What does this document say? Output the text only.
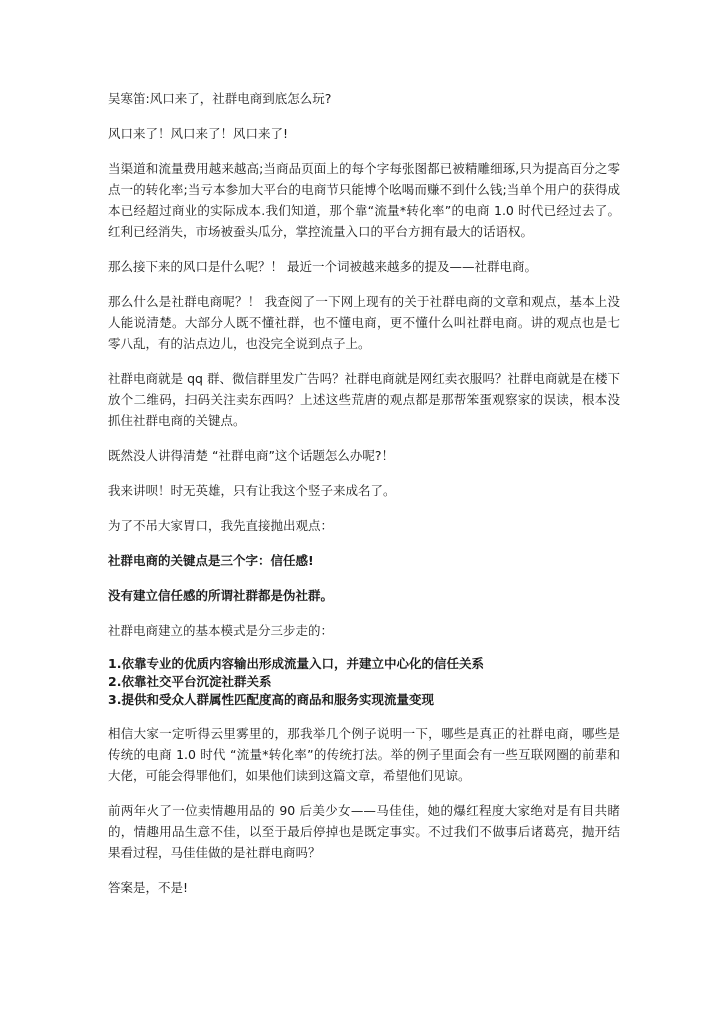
吴寒笛:风口来了，社群电商到底怎么玩?

风口来了！风口来了！风口来了!

当渠道和流量费用越来越高;当商品页面上的每个字每张图都已被精雕细琢,只为提高百分之零点一的转化率;当亏本参加大平台的电商节只能博个吆喝而赚不到什么钱;当单个用户的获得成本已经超过商业的实际成本.我们知道，那个靠“流量*转化率”的电商 1.0 时代已经过去了。红利已经消失，市场被蚕头瓜分，掌控流量入口的平台方拥有最大的话语权。

那么接下来的风口是什么呢？！ 最近一个词被越来越多的提及——社群电商。

那么什么是社群电商呢？！ 我查阅了一下网上现有的关于社群电商的文章和观点，基本上没人能说清楚。大部分人既不懂社群，也不懂电商，更不懂什么叫社群电商。讲的观点也是七零八乱，有的沾点边儿，也没完全说到点子上。

社群电商就是 qq 群、微信群里发广告吗？社群电商就是网红卖衣服吗？社群电商就是在楼下放个二维码，扫码关注卖东西吗？上述这些荒唐的观点都是那帮笨蛋观察家的误读，根本没抓住社群电商的关键点。

既然没人讲得清楚 “社群电商”这个话题怎么办呢?！

我来讲呗！时无英雄，只有让我这个竖子来成名了。

为了不吊大家胃口，我先直接抛出观点：

社群电商的关键点是三个字：信任感!

没有建立信任感的所谓社群都是伪社群。

社群电商建立的基本模式是分三步走的：

1.依靠专业的优质内容输出形成流量入口，并建立中心化的信任关系
2.依靠社交平台沉淀社群关系
3.提供和受众人群属性匹配度高的商品和服务实现流量变现

相信大家一定听得云里雾里的，那我举几个例子说明一下，哪些是真正的社群电商，哪些是传统的电商 1.0 时代 “流量*转化率”的传统打法。举的例子里面会有一些互联网圈的前辈和大佬，可能会得罪他们，如果他们读到这篇文章，希望他们见谅。

前两年火了一位卖情趣用品的 90 后美少女——马佳佳，她的爆红程度大家绝对是有目共睹的，情趣用品生意不佳，以至于最后停掉也是既定事实。不过我们不做事后诸葛亮，抛开结果看过程，马佳佳做的是社群电商吗？

答案是，不是!
